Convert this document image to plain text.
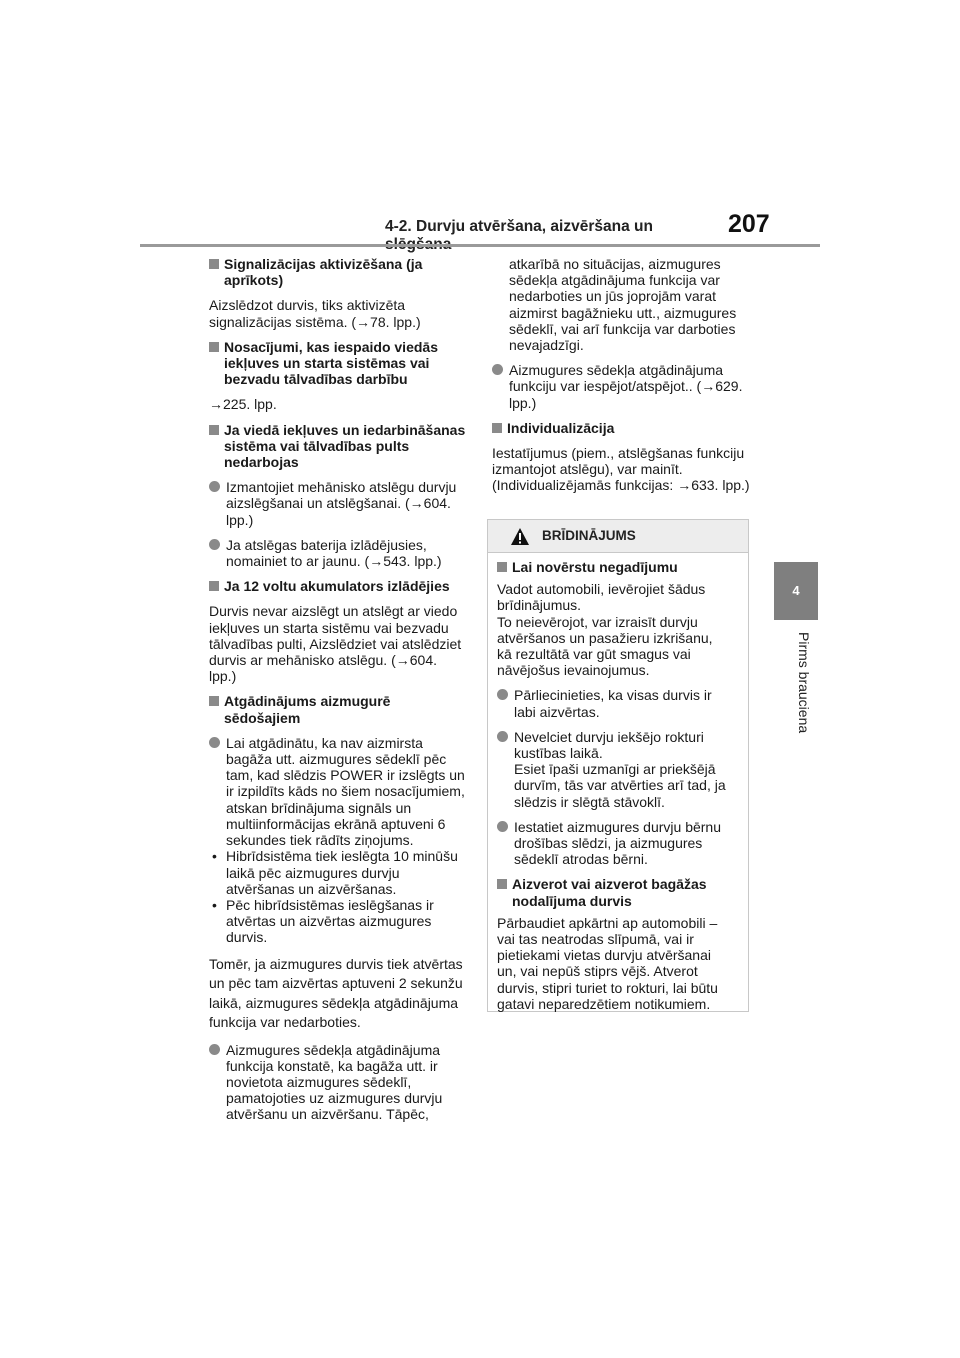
4-2. Durvju atvēršana, aizvēršana un	207
4
Pirms brauciena
Signalizācijas aktivizēšana (ja aprīkots)
Aizslēdzot durvis, tiks aktivizēta signalizācijas sistēma. (→78. lpp.)
Nosacījumi, kas iespaido viedās iekļuves un starta sistēmas vai bezvadu tālvadības darbību
→225. lpp.
Ja viedā iekļuves un iedarbināšanas sistēma vai tālvadības pults nedarbojas
Izmantojiet mehānisko atslēgu durvju aizslēgšanai un atslēgšanai. (→604. lpp.)
Ja atslēgas baterija izlādējusies, nomainiet to ar jaunu. (→543. lpp.)
Ja 12 voltu akumulators izlādējies
Durvis nevar aizslēgt un atslēgt ar viedo iekļuves un starta sistēmu vai bezvadu tālvadības pulti, Aizslēdziet vai atslēdziet durvis ar mehānisko atslēgu. (→604. lpp.)
Atgādinājums aizmugurē sēdošajiem
Lai atgādinātu, ka nav aizmirsta bagāža utt. aizmugures sēdeklī pēc tam, kad slēdzis POWER ir izslēgts un ir izpildīts kāds no šiem nosacījumiem, atskan brīdinājuma signāls un multiinformācijas ekrānā aptuveni 6 sekundes tiek rādīts ziņojums.
• Hibrīdsistēma tiek ieslēgta 10 minūšu laikā pēc aizmugures durvju atvēršanas un aizvēršanas.
• Pēc hibrīdsistēmas ieslēgšanas ir atvērtas un aizvērtas aizmugures durvis.
Tomēr, ja aizmugures durvis tiek atvērtas un pēc tam aizvērtas aptuveni 2 sekunžu laikā, aizmugures sēdekļa atgādinājuma funkcija var nedarboties.
Aizmugures sēdekļa atgādinājuma funkcija konstatē, ka bagāža utt. ir novietota aizmugures sēdeklī, pamatojoties uz aizmugures durvju atvēršanu un aizvēršanu. Tāpēc,
atkarībā no situācijas, aizmugures sēdekļa atgādinājuma funkcija var nedarboties un jūs joprojām varat aizmirst bagāžnieku utt., aizmugures sēdeklī, vai arī funkcija var darboties nevajadzīgi.
Aizmugures sēdekļa atgādinājuma funkciju var iespējot/atspējot.. (→629. lpp.)
Individualizācija
Iestatījumus (piem., atslēgšanas funkciju izmantojot atslēgu), var mainīt. (Individualizējamās funkcijas: →633. lpp.)
BRĪDINĀJUMS
Lai novērstu negadījumu
Vadot automobili, ievērojiet šādus brīdinājumus.
To neievērojot, var izraisīt durvju atvēršanos un pasažieru izkrišanu, kā rezultātā var gūt smagus vai nāvējošus ievainojumus.
Pārliecinieties, ka visas durvis ir labi aizvērtas.
Nevelciet durvju iekšējo rokturi kustības laikā.
Esiet īpaši uzmanīgi ar priekšējā durvīm, tās var atvērties arī tad, ja slēdzis ir slēgtā stāvoklī.
Iestatiet aizmugures durvju bērnu drošības slēdzi, ja aizmugures sēdeklī atrodas bērni.
Aizverot vai aizverot bagāžas nodalījuma durvis
Pārbaudiet apkārtni ap automobili – vai tas neatrodas slīpumā, vai ir pietiekami vietas durvju atvēršanai un, vai nepūš stiprs vējš. Atverot durvis, stipri turiet to rokturi, lai būtu gatavi neparedzētiem notikumiem.
